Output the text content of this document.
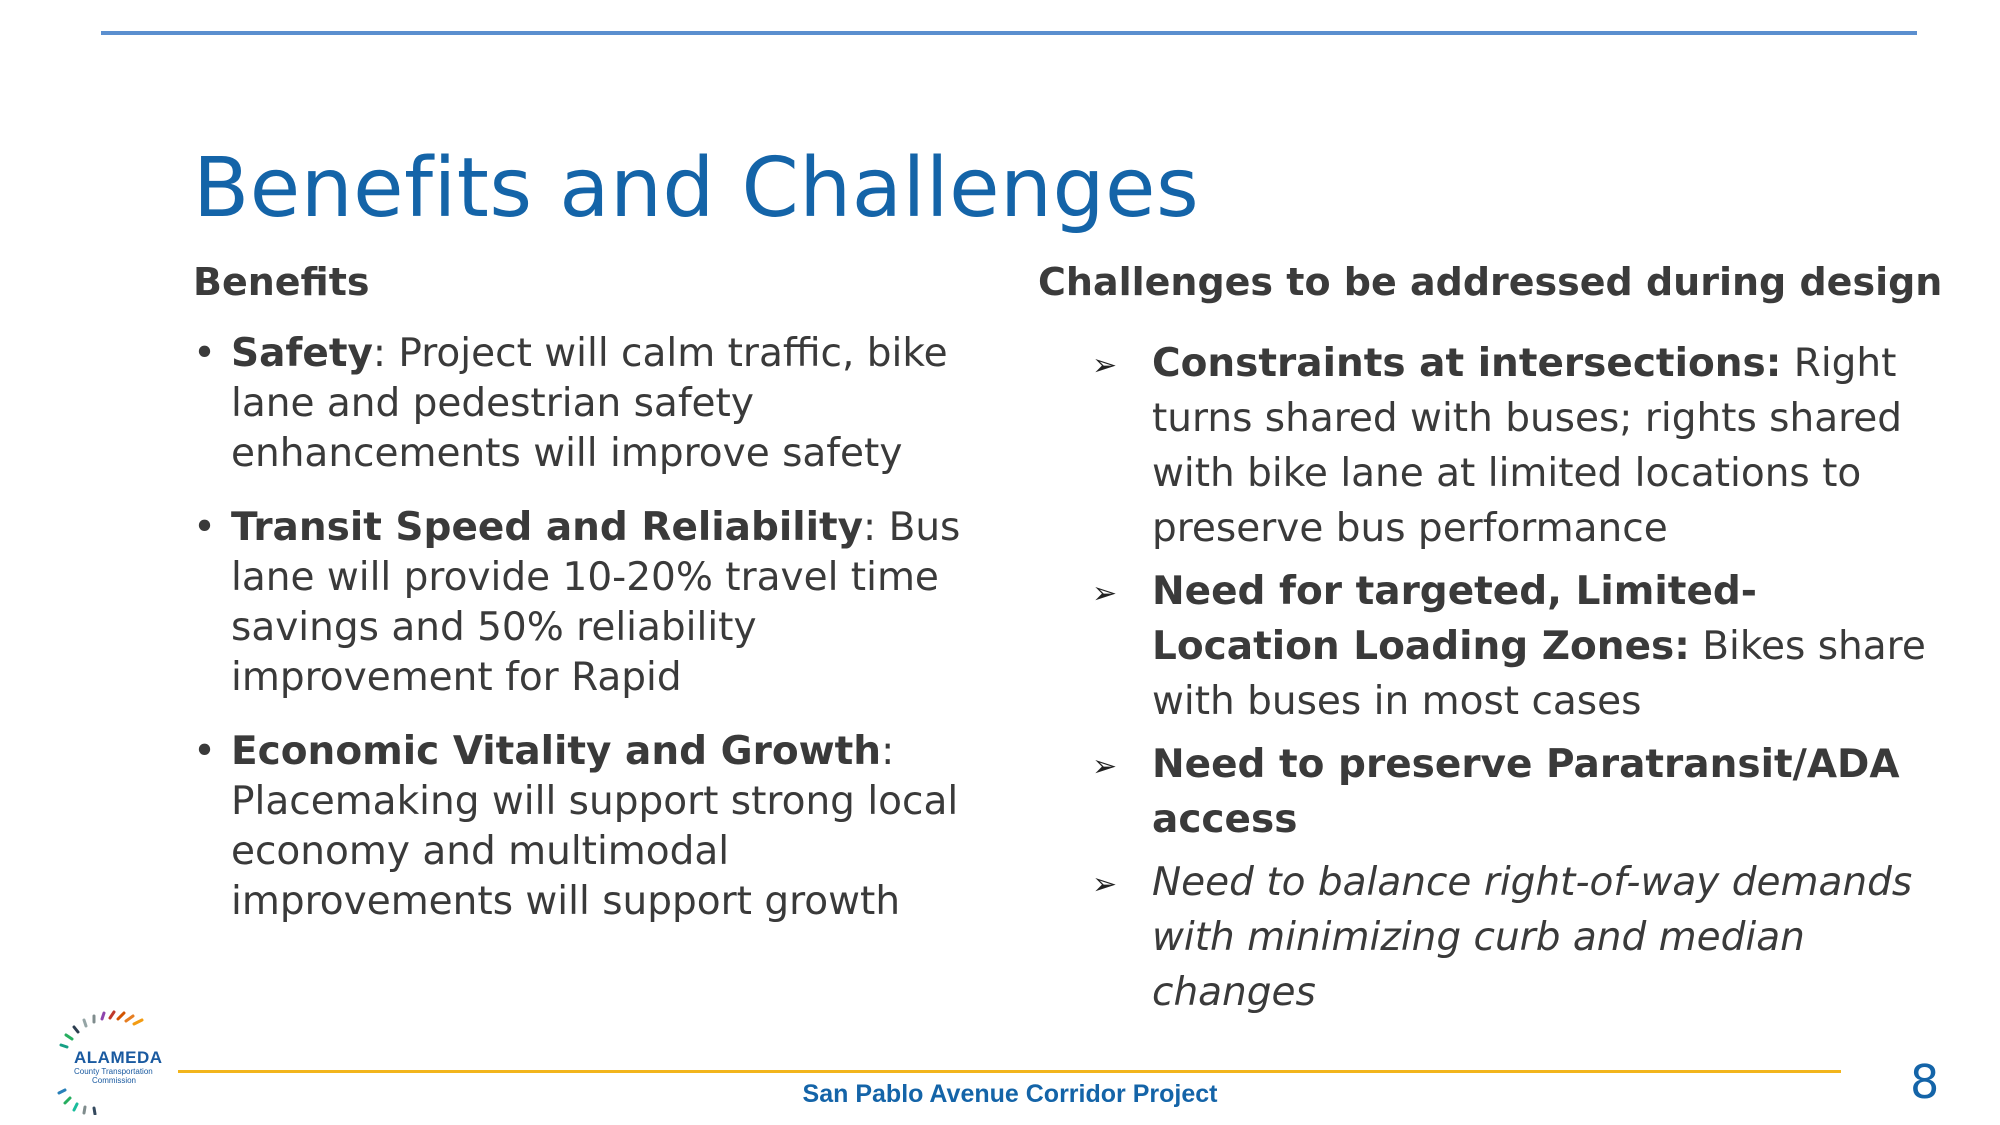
Benefits and Challenges
Benefits
• Safety: Project will calm traffic, bike lane and pedestrian safety enhancements will improve safety
• Transit Speed and Reliability: Bus lane will provide 10-20% travel time savings and 50% reliability improvement for Rapid
• Economic Vitality and Growth: Placemaking will support strong local economy and multimodal improvements will support growth
Challenges to be addressed during design
➢ Constraints at intersections: Right turns shared with buses; rights shared with bike lane at limited locations to preserve bus performance
➢ Need for targeted, Limited-Location Loading Zones: Bikes share with buses in most cases
➢ Need to preserve Paratransit/ADA access
➢ Need to balance right-of-way demands with minimizing curb and median changes
ALAMEDA
County Transportation
Commission	San Pablo Avenue Corridor Project	8
